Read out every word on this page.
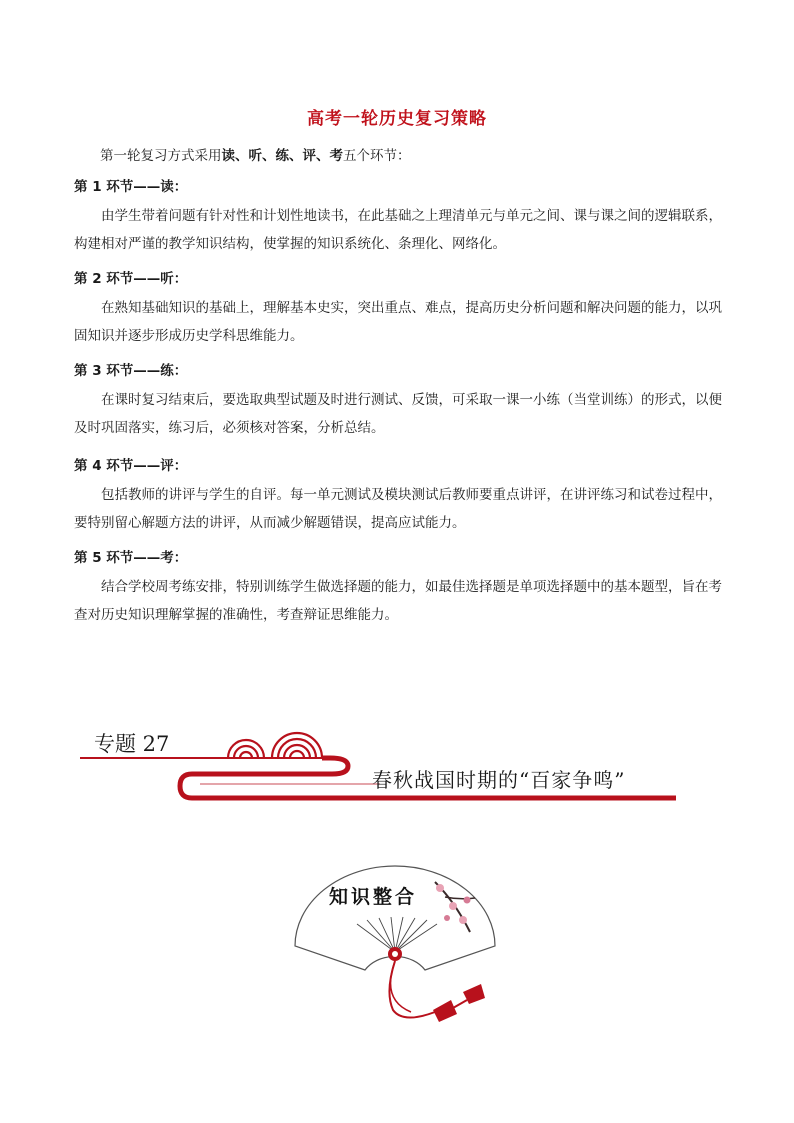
高考一轮历史复习策略
第一轮复习方式采用读、听、练、评、考五个环节：
第 1 环节——读：
由学生带着问题有针对性和计划性地读书，在此基础之上理清单元与单元之间、课与课之间的逻辑联系，构建相对严谨的教学知识结构，使掌握的知识系统化、条理化、网络化。
第 2 环节——听：
在熟知基础知识的基础上，理解基本史实，突出重点、难点，提高历史分析问题和解决问题的能力，以巩固知识并逐步形成历史学科思维能力。
第 3 环节——练：
在课时复习结束后，要选取典型试题及时进行测试、反馈，可采取一课一小练（当堂训练）的形式，以便及时巩固落实，练习后，必须核对答案，分析总结。
第 4 环节——评：
包括教师的讲评与学生的自评。每一单元测试及模块测试后教师要重点讲评，在讲评练习和试卷过程中，要特别留心解题方法的讲评，从而减少解题错误，提高应试能力。
第 5 环节——考：
结合学校周考练安排，特别训练学生做选择题的能力，如最佳选择题是单项选择题中的基本题型，旨在考查对历史知识理解掌握的准确性，考查辩证思维能力。
专题 27
春秋战国时期的“百家争鸣”
知识整合
